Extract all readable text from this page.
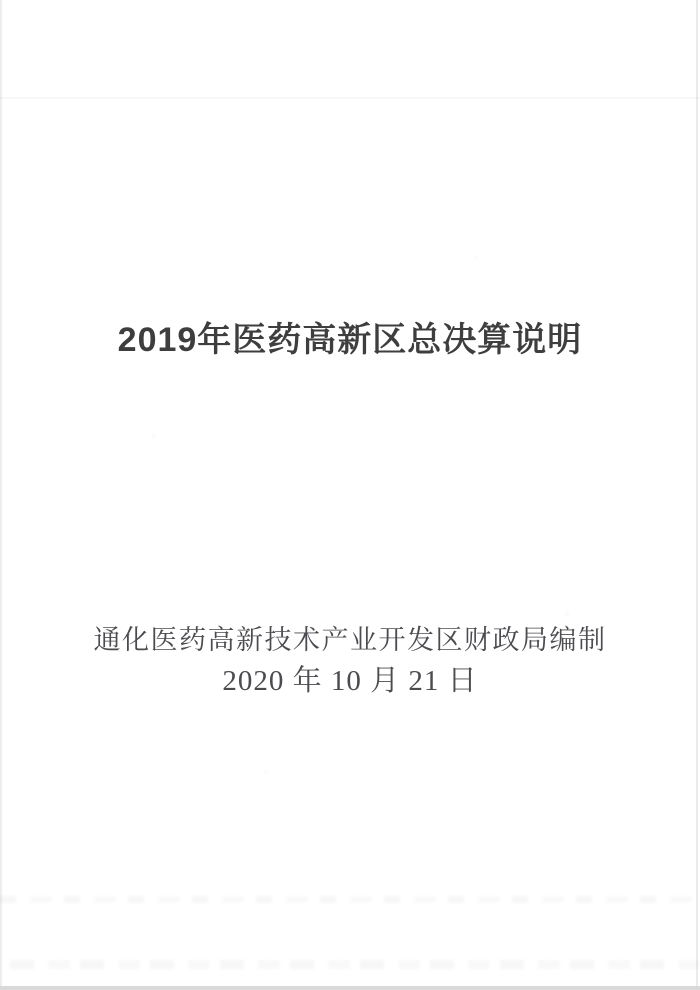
2019年医药高新区总决算说明
通化医药高新技术产业开发区财政局编制
2020 年 10 月 21 日
